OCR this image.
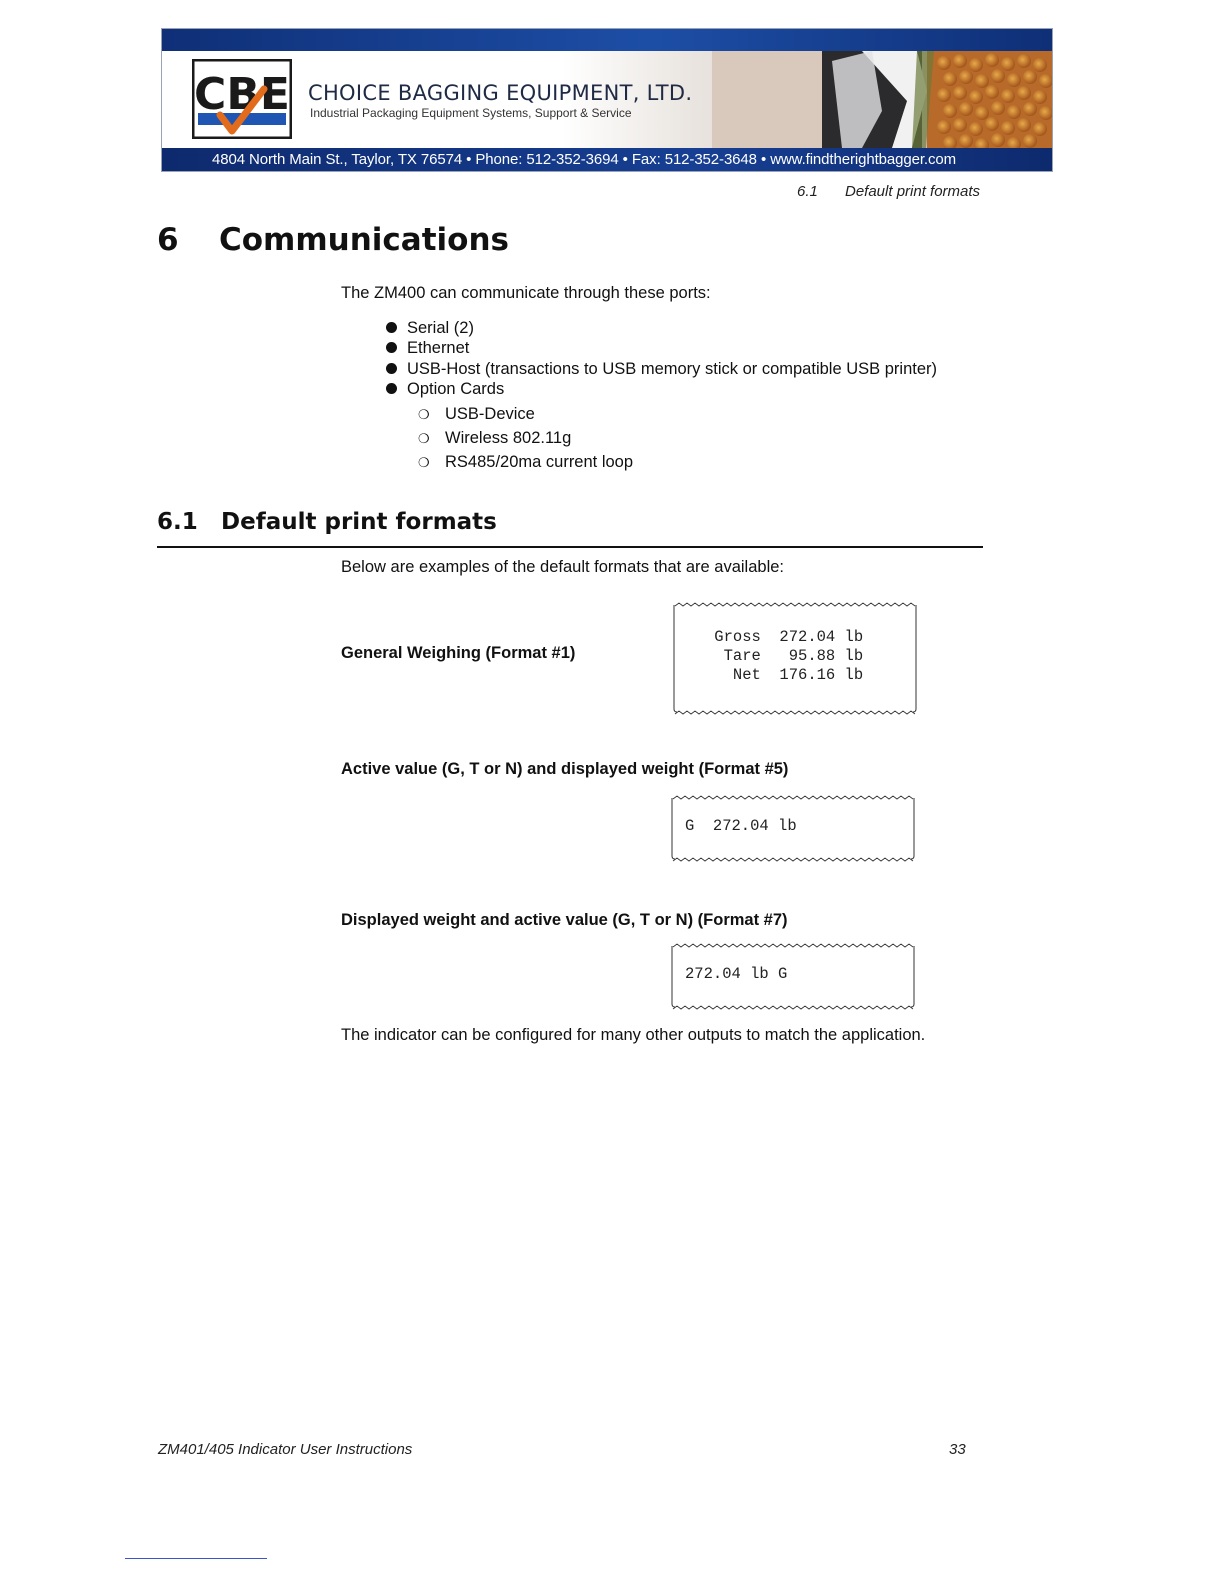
CBE CHOICE BAGGING EQUIPMENT, LTD.
Industrial Packaging Equipment Systems, Support & Service
4804 North Main St., Taylor, TX 76574 • Phone: 512-352-3694 • Fax: 512-352-3648 • www.findtherightbagger.com
6.1 Default print formats
6 Communications
The ZM400 can communicate through these ports:
Serial (2)
Ethernet
USB-Host (transactions to USB memory stick or compatible USB printer)
Option Cards
❍ USB-Device
❍ Wireless 802.11g
❍ RS485/20ma current loop
6.1 Default print formats
Below are examples of the default formats that are available:
General Weighing (Format #1)
Gross  272.04 lb
Tare   95.88 lb
Net  176.16 lb
Active value (G, T or N) and displayed weight (Format #5)
G  272.04 lb
Displayed weight and active value (G, T or N) (Format #7)
272.04 lb G
The indicator can be configured for many other outputs to match the application.
ZM401/405 Indicator User Instructions	33
